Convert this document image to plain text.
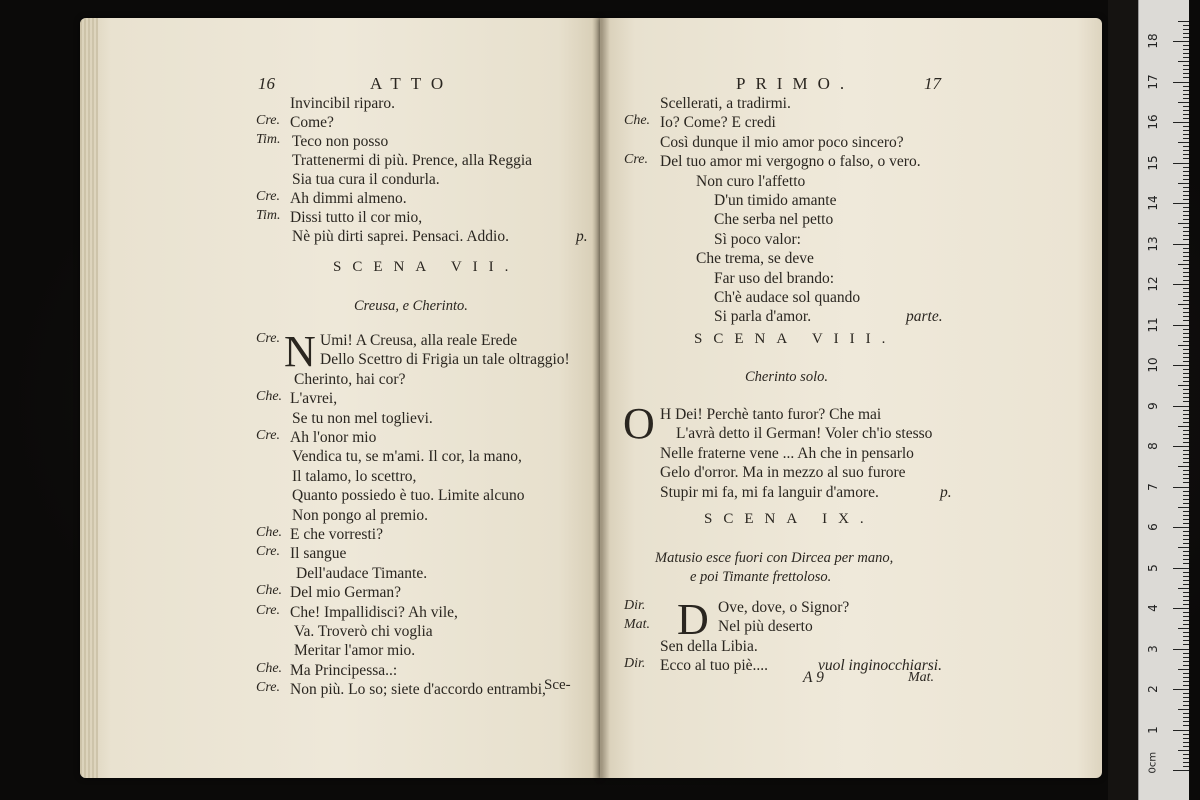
16	ATTO
Invincibil riparo.
Cre. Come?
Tim. Teco non posso
Trattenermi di più. Prence, alla Reggia
Sia tua cura il condurla.
Cre. Ah dimmi almeno.
Tim. Dissi tutto il cor mio,
Nè più dirti saprei. Pensaci. Addio.	p.
SCENA VII.
Creusa, e Cherinto.
N
Cre.	Umi! A Creusa, alla reale Erede
Dello Scettro di Frigia un tale oltraggio!
Cherinto, hai cor?
Che. L'avrei,
Se tu non mel toglievi.
Cre. Ah l'onor mio
Vendica tu, se m'ami. Il cor, la mano,
Il talamo, lo scettro,
Quanto possiedo è tuo. Limite alcuno
Non pongo al premio.
Che. E che vorresti?
Cre. Il sangue
Dell'audace Timante.
Che. Del mio German?
Cre. Che! Impallidisci? Ah vile,
Va. Troverò chi voglia
Meritar l'amor mio.
Che. Ma Principessa..:
Cre. Non più. Lo so; siete d'accordo entrambi,
Sce-
PRIMO.	17
Scellerati, a tradirmi.
Che. Io? Come? E credi
Così dunque il mio amor poco sincero?
Cre. Del tuo amor mi vergogno o falso, o vero.
Non curo l'affetto
D'un timido amante
Che serba nel petto
Sì poco valor:
Che trema, se deve
Far uso del brando:
Ch'è audace sol quando
Si parla d'amor.	parte.
SCENA VIII.
Cherinto solo.
O H Dei! Perchè tanto furor? Che mai
L'avrà detto il German! Voler ch'io stesso
Nelle fraterne vene ... Ah che in pensarlo
Gelo d'orror. Ma in mezzo al suo furore
Stupir mi fa, mi fa languir d'amore.	p.
SCENA IX.
Matusio esce fuori con Dircea per mano,
e poi Timante frettoloso.
D
Dir.	Ove, dove, o Signor?
Mat.	Nel più deserto
Sen della Libia.
Dir. Ecco al tuo piè....	vuol inginocchiarsi.
A 9	Mat.
0cm
1
2
3
4
5
6
7
8
9
10
11
12
13
14
15
16
17
18
